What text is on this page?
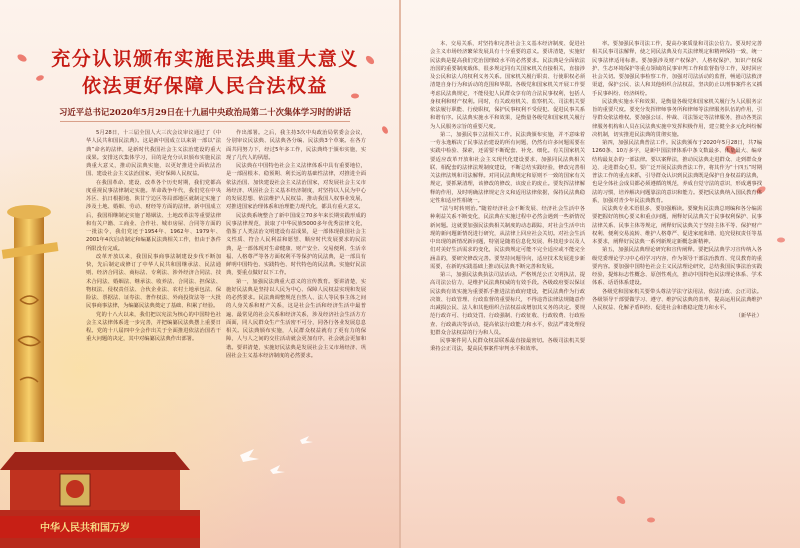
中华人民共和国万岁
充分认识颁布实施民法典重大意义
依法更好保障人民合法权益
习近平总书记2020年5月29日在十九届中央政治局第二十次集体学习时的讲话

5月28日，十三届全国人大三次会议审议通过了《中华人民共和国民法典》。这是新中国成立以来第一部以“法典”命名的法律，是新时代我国社会主义法治建设的重大成果。安排这次集体学习，目的是充分认识颁布实施民法典重大意义，推动民法典实施，以更好推进全面依法治国、建设社会主义法治国家，更好保障人民权益。

在我国革命、建设、改革各个历史时期，我们党都高度重视民事法律制定实施。革命战争年代，我们党在中央苏区、抗日根据地、陕甘宁边区等局部地区就制定实施了涉及土地、婚姻、劳动、财经等方面的法律。新中国成立后，我国相继制定实施了婚姻法、土地改革法等重要法律和有关户籍、工商业、合作社、城市房屋、合同等方面的一批法令，我们党还于1954年、1962年、1979年、2001年4次启动制定和编纂民法典相关工作，但由于条件所限没有完成。

改革开放以来，我国民事商事法制建设步伐不断加快，先后制定或修订了中华人民共和国继承法、民法通则、经济合同法、商标法、专利法、涉外经济合同法、技术合同法、婚姻法、继承法、收养法、合同法、担保法、物权法、侵权责任法、合伙企业法、农村土地承包法、保险法、票据法、证券法、著作权法、外商投资法等一大批民事商事法律，为编纂民法典奠定了基础、积累了经验。

党的十八大以来，我们把以宪法为核心的中国特色社会主义法律体系进一步完善，并把编纂民法典摆上重要日程。党的十八届四中全会作出关于全面推进依法治国若干重大问题的决定，其中对编纂民法典作出部署。

作出部署。之后，我主持3次中央政治局常委会会议，分别审议民法典、民法典各分编、民法典3个草案。在各方面共同努力下，经过5年多工作，民法典终于颁布实施，实现了几代人的夙愿。

民法典在中国特色社会主义法律体系中具有重要地位，是一部固根本、稳预期、利长远的基础性法律，对推进全面依法治国、加快建设社会主义法治国家，对发展社会主义市场经济、巩固社会主义基本经济制度，对坚持以人民为中心的发展思想、依法维护人民权益、推动我国人权事业发展，对推进国家治理体系和治理能力现代化，都具有重大意义。

民法典系统整合了新中国成立70多年来长期实践形成的民事法律规范，汲取了中华民族5000多年优秀法律文化，借鉴了人类法治文明建设有益成果，是一部体现我国社会主义性质、符合人民利益和愿望、顺应时代发展要求的民法典，是一部体现对生命健康、财产安全、交易便利、生活幸福、人格尊严等各方面权利平等保护的民法典，是一部具有鲜明中国特色、实践特色、时代特色的民法典。实施好民法典，要重点做好以下工作。

第一，加强民法典重大意义的宣传教育。要讲清楚，实施好民法典是坚持以人民为中心、保障人民权益实现和发展的必然要求。民法典调整规范自然人、法人等民事主体之间的人身关系和财产关系，这是社会生活和经济生活中最普遍、最常见的社会关系和经济关系，涉及经济社会生活方方面面，同人民群众生产生活密不可分，同各行各业发展息息相关。民法典颁布实施，人民群众权益就有了更有力的保障，人与人之间的交往活动就会更加有序，社会就会更加和谐。要讲清楚，实施好民法典是发展社会主义市场经济、巩固社会主义基本经济制度的必然要求。

本、交易关系，对坚持和完善社会主义基本经济制度、促进社会主义市场经济繁荣发展具有十分重要的意义。要讲清楚，实施好民法典是提高我们党治国理政水平的必然要求。民法典是全面依法治国的重要制度载体，很多规定同有关国家机关直接相关，直接涉及公民和法人的权利义务关系。国家机关履行职责、行使职权必须清楚自身行为和活动的范围和界限。各级党和国家机关开展工作要考虑民法典规定，不能侵犯人民群众享有的合法民事权利，包括人身权利和财产权利。同时，有关政府机关、监察机关、司法机关要依法履行职能、行使职权，保护民事权利不受侵犯、促进民事关系和谐有序。民法典实施水平和效果，是衡量各级党和国家机关履行为人民服务宗旨的重要尺度。

第二，加强民事立法相关工作。民法典颁布实施，并不意味着一劳永逸解决了民事法治建设的所有问题，仍然有许多问题需要在实践中检验、探索，还需要不断配套、补充、细化。有关国家机关要适应改革开放和社会主义现代化建设要求，加强同民法典相关联、相配套的法律法规制度建设，不断总结实践经验，修改完善相关法律法规和司法解释。对同民法典规定和原则不一致的国家有关规定，要抓紧清理，该修改的修改，该废止的废止。要发挥法律解释的作用，及时明确法律规定含义和适用法律依据，保持民法典稳定性和适应性相统一。

“法与时转则治。”随着经济社会不断发展、经济社会生活中各种利益关系不断变化，民法典在实施过程中必然会遇到一些新情况新问题。这就要加强民法典相关制度的动态跟踪，对社会生活中出现的新问题新情况进行研究，从法律上回应社会关切。对社会生活中出现的新情况新问题，特别是随着信息化发展、科技进步以及人们对美好生活需求的变化，民法典规定可能不完全适应或不能完全涵盖的，要研究修改完善。要坚持问题导向，适应技术发展进步新需要，在新的实践基础上推动民法典不断完善和发展。

第三，加强民法典执法司法活动。严格规范公正文明执法，提高司法公信力，是维护民法典权威的有效手段。各级政府要以保证民法典有效实施为重要抓手推进法治政府建设，把民法典作为行政决策、行政管理、行政监督的重要标尺，不得违背法律法规随意作出减损公民、法人和其他组织合法权益或增加其义务的决定。要规范行政许可、行政处罚、行政强制、行政征收、行政收费、行政检查、行政裁决等活动，提高依法行政能力和水平，依法严肃处理侵犯群众合法权益的行为和人员。

民事案件同人民群众权益联系最直接最密切。各级司法机关要秉持公正司法，提高民事案件审判水平和效率。

率。要加强民事司法工作，提高办案质量和司法公信力。要及时完善相关民事司法解释，使之同民法典及有关法律规定和精神保持一致，统一民事法律适用标准。要加强涉及财产权保护、人格权保护、知识产权保护、生态环境保护等重点领域的民事审判工作和监督指导工作，及时回应社会关切。要加强民事检察工作，加强对司法活动的监督，畅通司法救济渠道，保护公民、法人和其他组织合法权益，坚决防止以刑事案件名义插手民事纠纷、经济纠纷。

民法典实施水平和效果，是衡量各级党和国家机关履行为人民服务宗旨的重要尺度。要充分发挥律师事务所和律师等法律服务队伍的作用，引导群众依法维权。要加强公证、仲裁、司法鉴定等法律服务，推动各类法律服务机构和人员在民法典实施中发挥积极作用，建立健全多元化纠纷解决机制，切实推进民法典的贯彻实施。

第四，加强民法典普法工作。民法典颁布于2020年5月28日，共7编1260条、10万多字，是新中国法律体系中条文数最多、体量最大、编章结构最复杂的一部法律。要以案释法，推动民法典走进群众、走到群众身边、走进群众心里。要广泛开展民法典普法工作，将其作为“十四五”时期普法工作的重点来抓，引导群众认识到民法典既是保护自身权益的法典，也是全体社会成员都必须遵循的规范，养成自觉守法的意识，形成遇事找法的习惯，培养解决问题靠法的意识和能力。要把民法典纳入国民教育体系，加强对青少年民法典教育。

民法典专业术语很多，要加强解读。要聚焦民法典总则编和各分编需要把握好的核心要义和重点问题，阐释好民法典关于民事权利保护、民事法律关系、民事主体等规定，阐释好民法典关于坚持主体平等、保护财产权利、便利交易流转、维护人格尊严、促进家庭和谐、追究侵权责任等基本要求，阐释好民法典一系列新规定新概念新精神。

第五，加强民法典理论研究和宣传阐释。要把民法典学习宣传纳入各级党委理论学习中心组学习内容，作为领导干部法治教育、党员教育的重要内容。要加强中国特色社会主义民法理论研究，总结我国民事法治实践经验，提炼标志性概念、原创性观点，推动中国特色民法理论体系、学术体系、话语体系建设。

各级党和国家机关要带头尊法学法守法用法，依法行政、公正司法。各级领导干部要做学习、遵守、维护民法典的表率，提高运用民法典维护人民权益、化解矛盾纠纷、促进社会和谐稳定能力和水平。

（新华社）
